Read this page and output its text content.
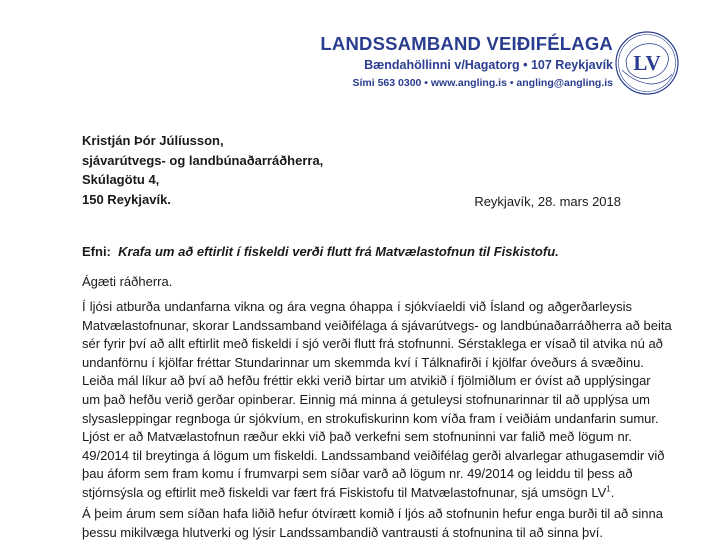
LANDSSAMBAND VEIÐIFÉLAGA
Bændahöllinni v/Hagatorg • 107 Reykjavík
Sími 563 0300 • www.angling.is • angling@angling.is
LV
Kristján Þór Júlíusson,
sjávarútvegs- og landbúnaðarráðherra,
Skúlagötu 4,
150 Reykjavík.	Reykjavík, 28. mars 2018
Efni: Krafa um að eftirlit í fiskeldi verði flutt frá Matvælastofnun til Fiskistofu.
Ágæti ráðherra.
Í ljósi atburða undanfarna vikna og ára vegna óhappa í sjókvíaeldi við Ísland og aðgerðarleysis
Matvælastofnunar, skorar Landssamband veiðifélaga á sjávarútvegs- og landbúnaðarráðherra að beita
sér fyrir því að allt eftirlit með fiskeldi í sjó verði flutt frá stofnunni. Sérstaklega er vísað til atvika nú að
undanförnu í kjölfar fréttar Stundarinnar um skemmda kví í Tálknafirði í kjölfar óveðurs á svæðinu.
Leiða mál líkur að því að hefðu fréttir ekki verið birtar um atvikið í fjölmiðlum er óvíst að upplýsingar
um það hefðu verið gerðar opinberar. Einnig má minna á getuleysi stofnunarinnar til að upplýsa um
slysasleppingar regnboga úr sjókvíum, en strokufiskurinn kom víða fram í veiðiám undanfarin sumur.
Ljóst er að Matvælastofnun ræður ekki við það verkefni sem stofnuninni var falið með lögum nr.
49/2014 til breytinga á lögum um fiskeldi. Landssamband veiðifélag gerði alvarlegar athugasemdir við
þau áform sem fram komu í frumvarpi sem síðar varð að lögum nr. 49/2014 og leiddu til þess að
stjórnsýsla og eftirlit með fiskeldi var fært frá Fiskistofu til Matvælastofnunar, sjá umsögn $LV^1$.
Á þeim árum sem síðan hafa liðið hefur ótvírætt komið í ljós að stofnunin hefur enga burði til að sinna
þessu mikilvæga hlutverki og lýsir Landssambandið vantrausti á stofnunina til að sinna því.
